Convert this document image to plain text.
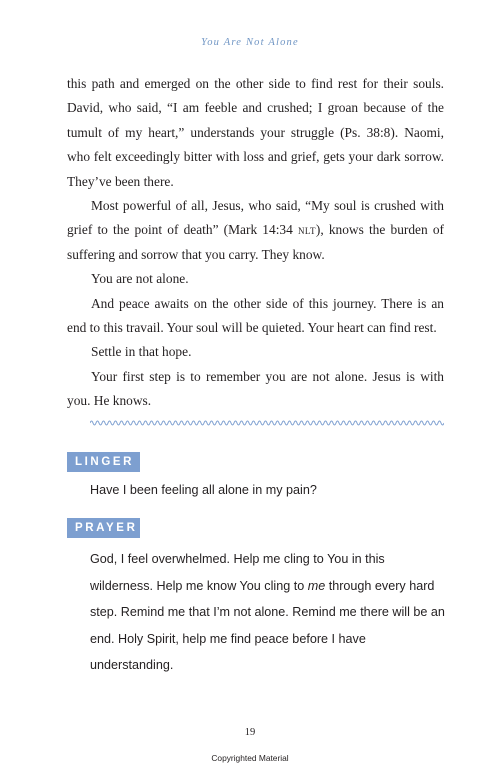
You Are Not Alone

this path and emerged on the other side to find rest for their souls. David, who said, “I am feeble and crushed; I groan because of the tumult of my heart,” understands your struggle (Ps. 38:8). Naomi, who felt exceedingly bitter with loss and grief, gets your dark sorrow. They’ve been there.

Most powerful of all, Jesus, who said, “My soul is crushed with grief to the point of death” (Mark 14:34 nlt), knows the burden of suffering and sorrow that you carry. They know.

You are not alone.

And peace awaits on the other side of this journey. There is an end to this travail. Your soul will be quieted. Your heart can find rest.

Settle in that hope.

Your first step is to remember you are not alone. Jesus is with you. He knows.

LINGER
Have I been feeling all alone in my pain?
PRAYER

God, I feel overwhelmed. Help me cling to You in this wilderness. Help me know You cling to me through every hard step. Remind me that I’m not alone. Remind me there will be an end. Holy Spirit, help me find peace before I have understanding.

19
Copyrighted Material
